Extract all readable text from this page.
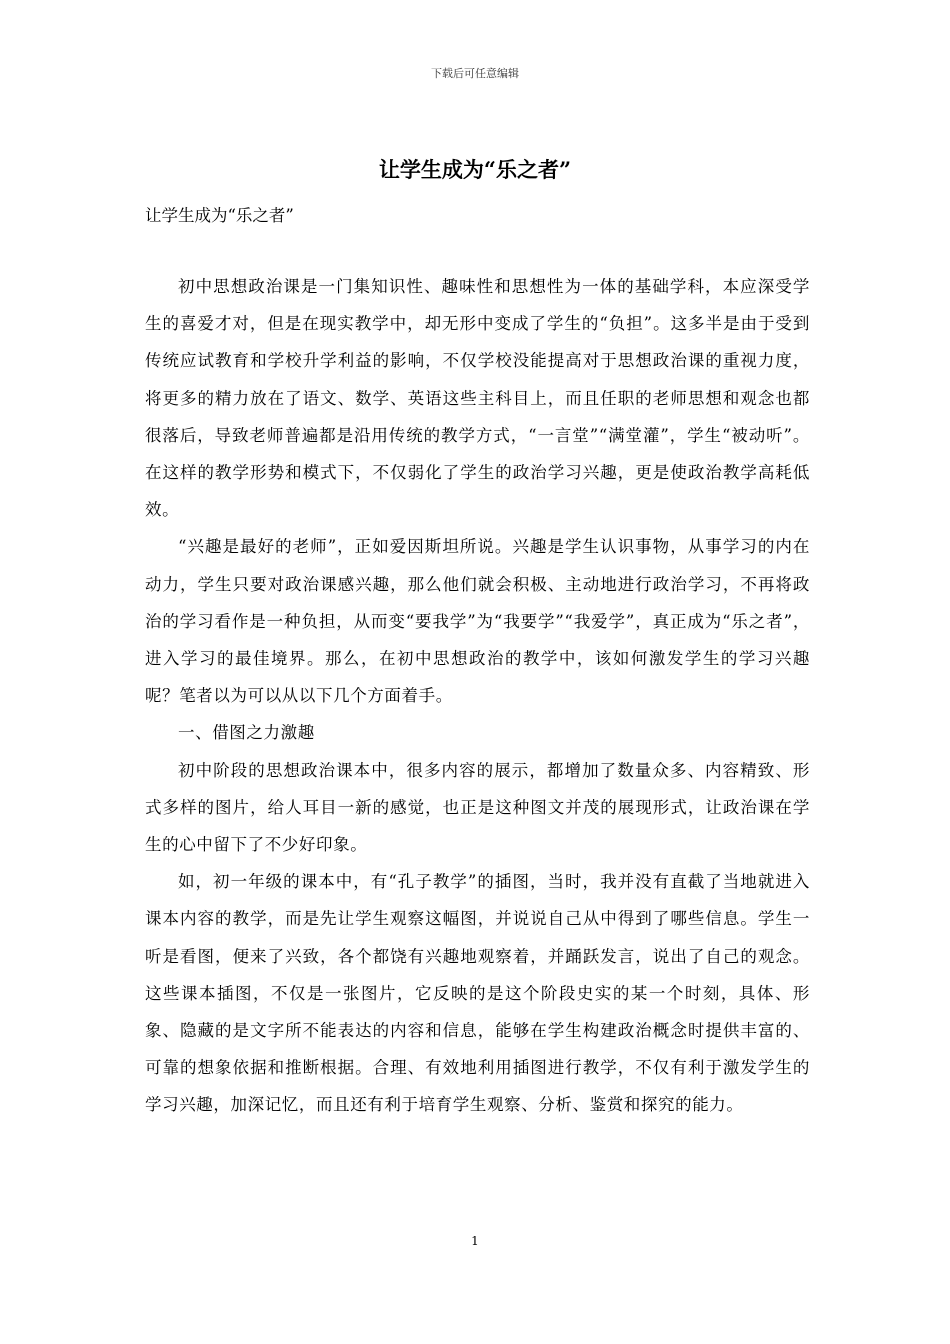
下载后可任意编辑
让学生成为“乐之者”
让学生成为“乐之者”

初中思想政治课是一门集知识性、趣味性和思想性为一体的基础学科，本应深受学生的喜爱才对，但是在现实教学中，却无形中变成了学生的“负担”。这多半是由于受到传统应试教育和学校升学利益的影响，不仅学校没能提高对于思想政治课的重视力度，将更多的精力放在了语文、数学、英语这些主科目上，而且任职的老师思想和观念也都很落后，导致老师普遍都是沿用传统的教学方式，“一言堂”“满堂灌”，学生“被动听”。在这样的教学形势和模式下，不仅弱化了学生的政治学习兴趣，更是使政治教学高耗低效。

“兴趣是最好的老师”，正如爱因斯坦所说。兴趣是学生认识事物，从事学习的内在动力，学生只要对政治课感兴趣，那么他们就会积极、主动地进行政治学习，不再将政治的学习看作是一种负担，从而变“要我学”为“我要学”“我爱学”，真正成为“乐之者”，进入学习的最佳境界。那么，在初中思想政治的教学中，该如何激发学生的学习兴趣呢？笔者以为可以从以下几个方面着手。

一、借图之力激趣

初中阶段的思想政治课本中，很多内容的展示，都增加了数量众多、内容精致、形式多样的图片，给人耳目一新的感觉，也正是这种图文并茂的展现形式，让政治课在学生的心中留下了不少好印象。

如，初一年级的课本中，有“孔子教学”的插图，当时，我并没有直截了当地就进入课本内容的教学，而是先让学生观察这幅图，并说说自己从中得到了哪些信息。学生一听是看图，便来了兴致，各个都饶有兴趣地观察着，并踊跃发言，说出了自己的观念。这些课本插图，不仅是一张图片，它反映的是这个阶段史实的某一个时刻，具体、形象、隐藏的是文字所不能表达的内容和信息，能够在学生构建政治概念时提供丰富的、可靠的想象依据和推断根据。合理、有效地利用插图进行教学，不仅有利于激发学生的学习兴趣，加深记忆，而且还有利于培育学生观察、分析、鉴赏和探究的能力。

1
